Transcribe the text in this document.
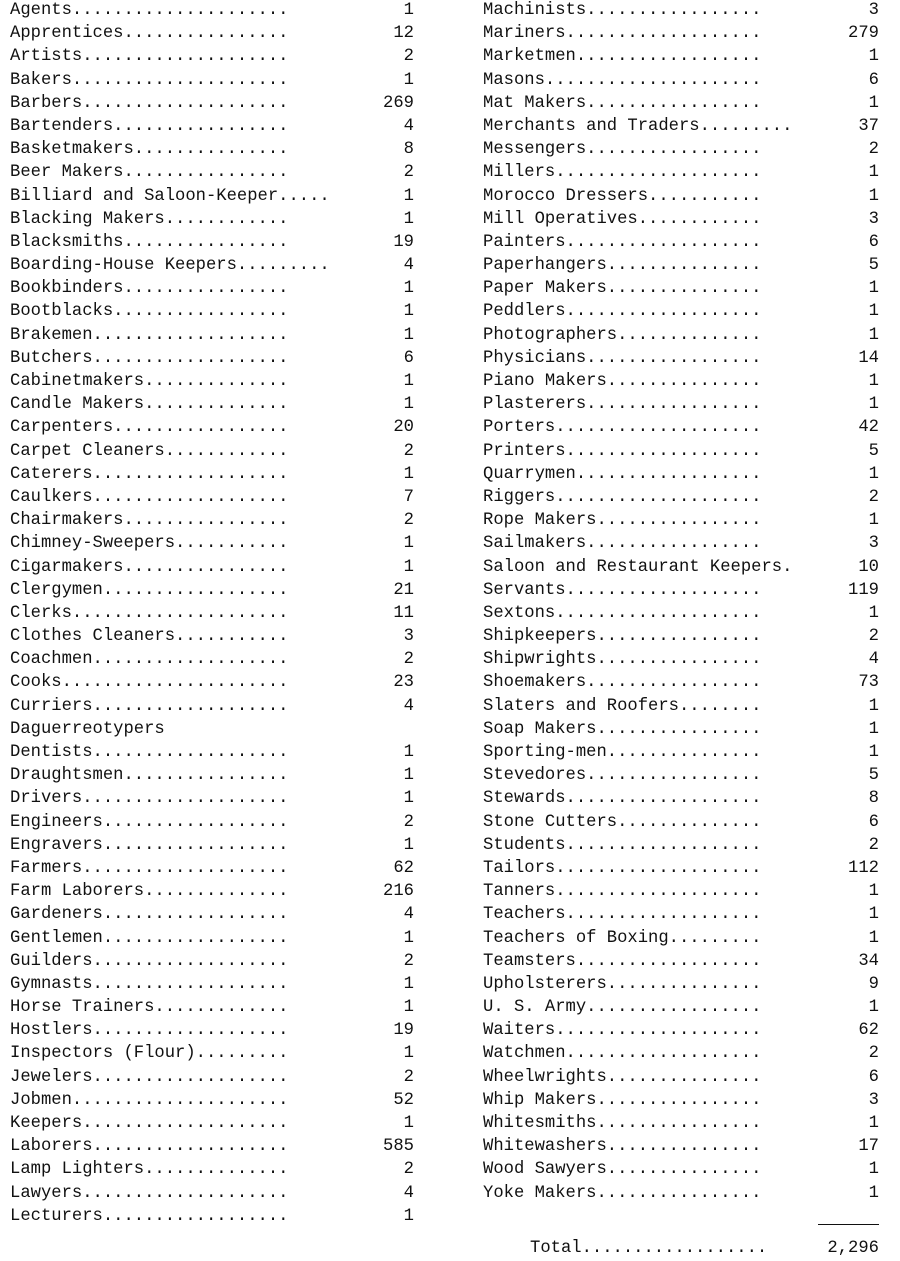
Agents.....................	1
Apprentices................	12
Artists....................	2
Bakers.....................	1
Barbers....................	269
Bartenders.................	4
Basketmakers...............	8
Beer Makers................	2
Billiard and Saloon-Keeper.....	1
Blacking Makers............	1
Blacksmiths................	19
Boarding-House Keepers.........	4
Bookbinders................	1
Bootblacks.................	1
Brakemen...................	1
Butchers...................	6
Cabinetmakers..............	1
Candle Makers..............	1
Carpenters.................	20
Carpet Cleaners............	2
Caterers...................	1
Caulkers...................	7
Chairmakers................	2
Chimney-Sweepers...........	1
Cigarmakers................	1
Clergymen..................	21
Clerks.....................	11
Clothes Cleaners...........	3
Coachmen...................	2
Cooks......................	23
Curriers...................	4
Daguerreotypers
Dentists...................	1
Draughtsmen................	1
Drivers....................	1
Engineers..................	2
Engravers..................	1
Farmers....................	62
Farm Laborers..............	216
Gardeners..................	4
Gentlemen..................	1
Guilders...................	2
Gymnasts...................	1
Horse Trainers.............	1
Hostlers...................	19
Inspectors (Flour).........	1
Jewelers...................	2
Jobmen.....................	52
Keepers....................	1
Laborers...................	585
Lamp Lighters..............	2
Lawyers....................	4
Lecturers..................	1
Machinists.................	3
Mariners...................	279
Marketmen..................	1
Masons.....................	6
Mat Makers.................	1
Merchants and Traders.........	37
Messengers.................	2
Millers....................	1
Morocco Dressers...........	1
Mill Operatives............	3
Painters...................	6
Paperhangers...............	5
Paper Makers...............	1
Peddlers...................	1
Photographers..............	1
Physicians.................	14
Piano Makers...............	1
Plasterers.................	1
Porters....................	42
Printers...................	5
Quarrymen..................	1
Riggers....................	2
Rope Makers................	1
Sailmakers.................	3
Saloon and Restaurant Keepers.	10
Servants...................	119
Sextons....................	1
Shipkeepers................	2
Shipwrights................	4
Shoemakers.................	73
Slaters and Roofers........	1
Soap Makers................	1
Sporting-men...............	1
Stevedores.................	5
Stewards...................	8
Stone Cutters..............	6
Students...................	2
Tailors....................	112
Tanners....................	1
Teachers...................	1
Teachers of Boxing.........	1
Teamsters..................	34
Upholsterers...............	9
U. S. Army.................	1
Waiters....................	62
Watchmen...................	2
Wheelwrights...............	6
Whip Makers................	3
Whitesmiths................	1
Whitewashers...............	17
Wood Sawyers...............	1
Yoke Makers................	1
Total..................	2,296
